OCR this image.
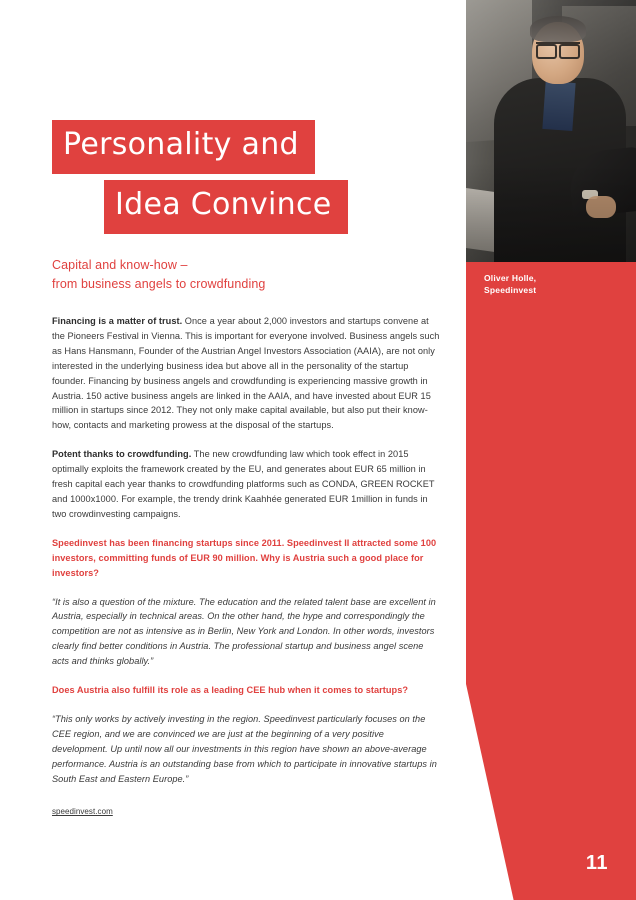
Oliver Holle,
Speedinvest
11
Personality and
Idea Convince
Capital and know-how –
from business angels to crowdfunding

Financing is a matter of trust. Once a year about 2,000 investors and startups convene at the Pioneers Festival in Vienna. This is important for everyone involved. Business angels such as Hans Hansmann, Founder of the Austrian Angel Investors Association (AAIA), are not only interested in the underlying business idea but above all in the personality of the startup founder. Financing by business angels and crowdfunding is experiencing massive growth in Austria. 150 active business angels are linked in the AAIA, and have invested about EUR 15 million in startups since 2012. They not only make capital available, but also put their know-how, contacts and marketing prowess at the disposal of the startups.

Potent thanks to crowdfunding. The new crowdfunding law which took effect in 2015 optimally exploits the framework created by the EU, and generates about EUR 65 million in fresh capital each year thanks to crowdfunding platforms such as CONDA, GREEN ROCKET and 1000x1000. For example, the trendy drink Kaahhée generated EUR 1million in funds in two crowdinvesting campaigns.

Speedinvest has been financing startups since 2011. Speedinvest II attracted some 100 investors, committing funds of EUR 90 million. Why is Austria such a good place for investors?

“It is also a question of the mixture. The education and the related talent base are excellent in Austria, especially in technical areas. On the other hand, the hype and correspondingly the competition are not as intensive as in Berlin, New York and London. In other words, investors clearly find better conditions in Austria. The professional startup and business angel scene acts and thinks globally.”

Does Austria also fulfill its role as a leading CEE hub when it comes to startups?

“This only works by actively investing in the region. Speedinvest particularly focuses on the CEE region, and we are convinced we are just at the beginning of a very positive development. Up until now all our investments in this region have shown an above-average performance. Austria is an outstanding base from which to participate in innovative startups in South East and Eastern Europe.”

speedinvest.com
